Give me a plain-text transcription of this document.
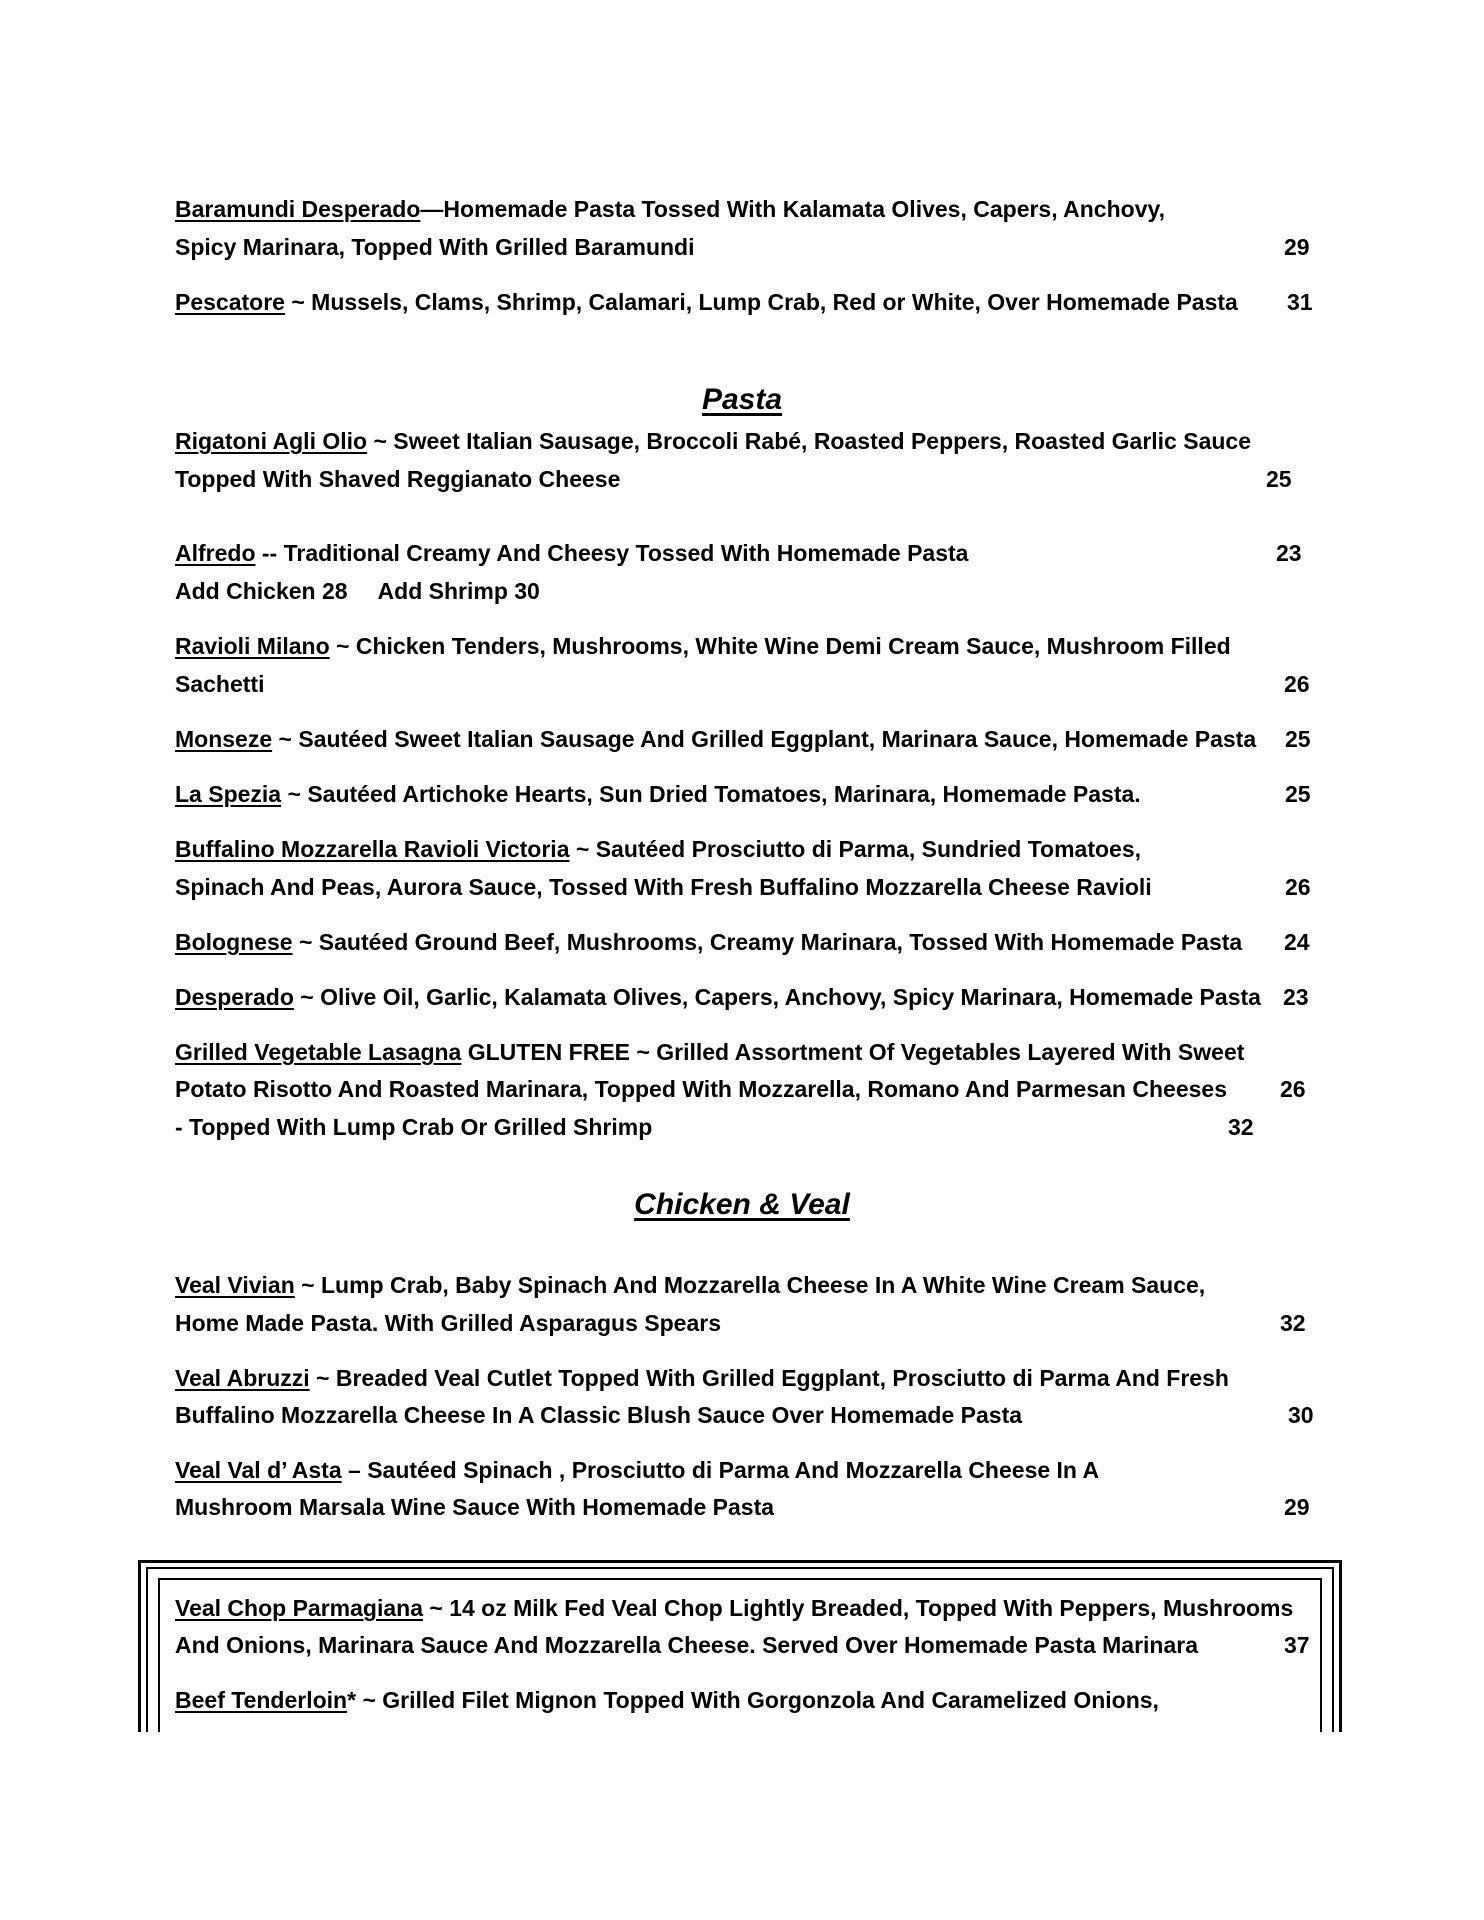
Baramundi Desperado—Homemade Pasta Tossed With Kalamata Olives, Capers, Anchovy,
Spicy Marinara, Topped With Grilled Baramundi	29
Pescatore ~ Mussels, Clams, Shrimp, Calamari, Lump Crab, Red or White, Over Homemade Pasta 31
Pasta
Rigatoni Agli Olio ~ Sweet Italian Sausage, Broccoli Rabé, Roasted Peppers, Roasted Garlic Sauce
Topped With Shaved Reggianato Cheese	25
Alfredo -- Traditional Creamy And Cheesy Tossed With Homemade Pasta	23
Add Chicken 28 Add Shrimp 30
Ravioli Milano ~ Chicken Tenders, Mushrooms, White Wine Demi Cream Sauce, Mushroom Filled
Sachetti	26
Monseze ~ Sautéed Sweet Italian Sausage And Grilled Eggplant, Marinara Sauce, Homemade Pasta 25
La Spezia ~ Sautéed Artichoke Hearts, Sun Dried Tomatoes, Marinara, Homemade Pasta.	25
Buffalino Mozzarella Ravioli Victoria ~ Sautéed Prosciutto di Parma, Sundried Tomatoes,
Spinach And Peas, Aurora Sauce, Tossed With Fresh Buffalino Mozzarella Cheese Ravioli	26
Bolognese ~ Sautéed Ground Beef, Mushrooms, Creamy Marinara, Tossed With Homemade Pasta 24
Desperado ~ Olive Oil, Garlic, Kalamata Olives, Capers, Anchovy, Spicy Marinara, Homemade Pasta 23
Grilled Vegetable Lasagna GLUTEN FREE ~ Grilled Assortment Of Vegetables Layered With Sweet
Potato Risotto And Roasted Marinara, Topped With Mozzarella, Romano And Parmesan Cheeses 26
- Topped With Lump Crab Or Grilled Shrimp	32
Chicken & Veal
Veal Vivian ~ Lump Crab, Baby Spinach And Mozzarella Cheese In A White Wine Cream Sauce,
Home Made Pasta. With Grilled Asparagus Spears	32
Veal Abruzzi ~ Breaded Veal Cutlet Topped With Grilled Eggplant, Prosciutto di Parma And Fresh
Buffalino Mozzarella Cheese In A Classic Blush Sauce Over Homemade Pasta	30
Veal Val d’ Asta – Sautéed Spinach , Prosciutto di Parma And Mozzarella Cheese In A
Mushroom Marsala Wine Sauce With Homemade Pasta	29
Veal Chop Parmagiana ~ 14 oz Milk Fed Veal Chop Lightly Breaded, Topped With Peppers, Mushrooms
And Onions, Marinara Sauce And Mozzarella Cheese. Served Over Homemade Pasta Marinara	37
Beef Tenderloin* ~ Grilled Filet Mignon Topped With Gorgonzola And Caramelized Onions,
